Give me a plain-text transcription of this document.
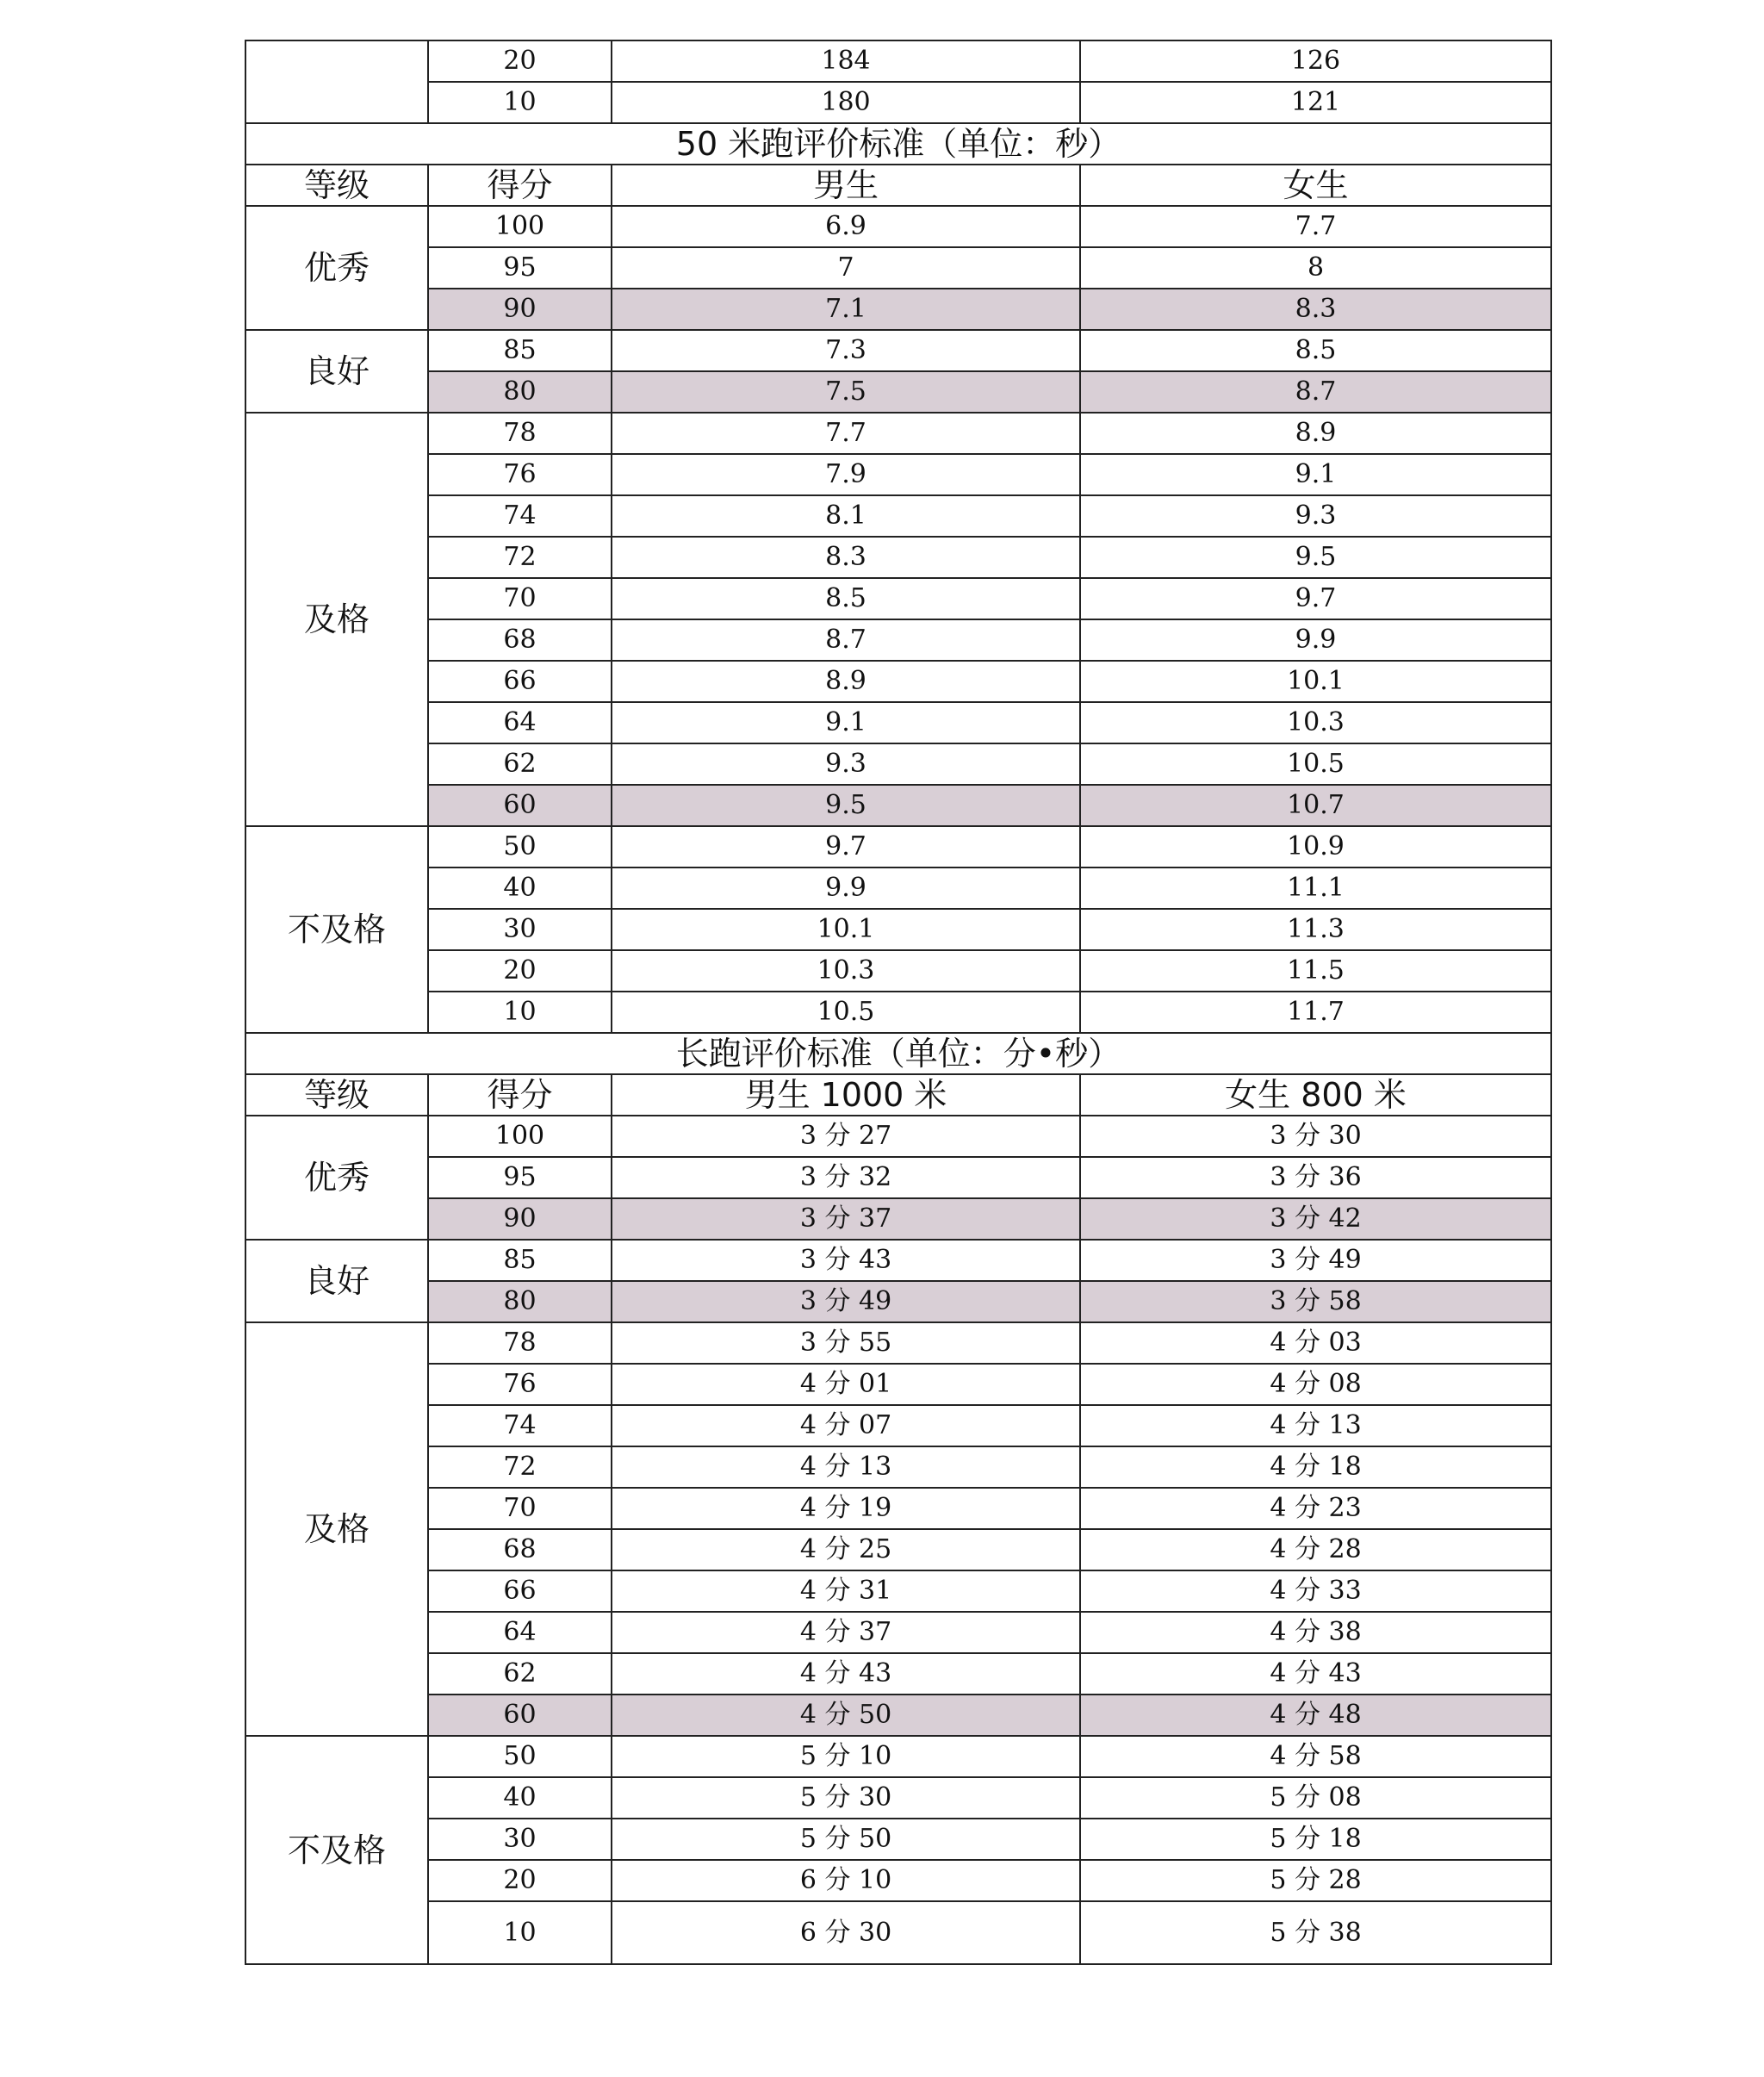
	20	184	126
	10	180	121
50 米跑评价标准（单位：秒）			
等级	得分	男生	女生
优秀	100	6.9	7.7
	95	7	8
	90	7.1	8.3
良好	85	7.3	8.5
	80	7.5	8.7
及格	78	7.7	8.9
	76	7.9	9.1
	74	8.1	9.3
	72	8.3	9.5
	70	8.5	9.7
	68	8.7	9.9
	66	8.9	10.1
	64	9.1	10.3
	62	9.3	10.5
	60	9.5	10.7
不及格	50	9.7	10.9
	40	9.9	11.1
	30	10.1	11.3
	20	10.3	11.5
	10	10.5	11.7
长跑评价标准（单位：分•秒）			
等级	得分	男生 1000 米	女生 800 米
优秀	100	3 分 27	3 分 30
	95	3 分 32	3 分 36
	90	3 分 37	3 分 42
良好	85	3 分 43	3 分 49
	80	3 分 49	3 分 58
及格	78	3 分 55	4 分 03
	76	4 分 01	4 分 08
	74	4 分 07	4 分 13
	72	4 分 13	4 分 18
	70	4 分 19	4 分 23
	68	4 分 25	4 分 28
	66	4 分 31	4 分 33
	64	4 分 37	4 分 38
	62	4 分 43	4 分 43
	60	4 分 50	4 分 48
不及格	50	5 分 10	4 分 58
	40	5 分 30	5 分 08
	30	5 分 50	5 分 18
	20	6 分 10	5 分 28
	10	6 分 30	5 分 38
